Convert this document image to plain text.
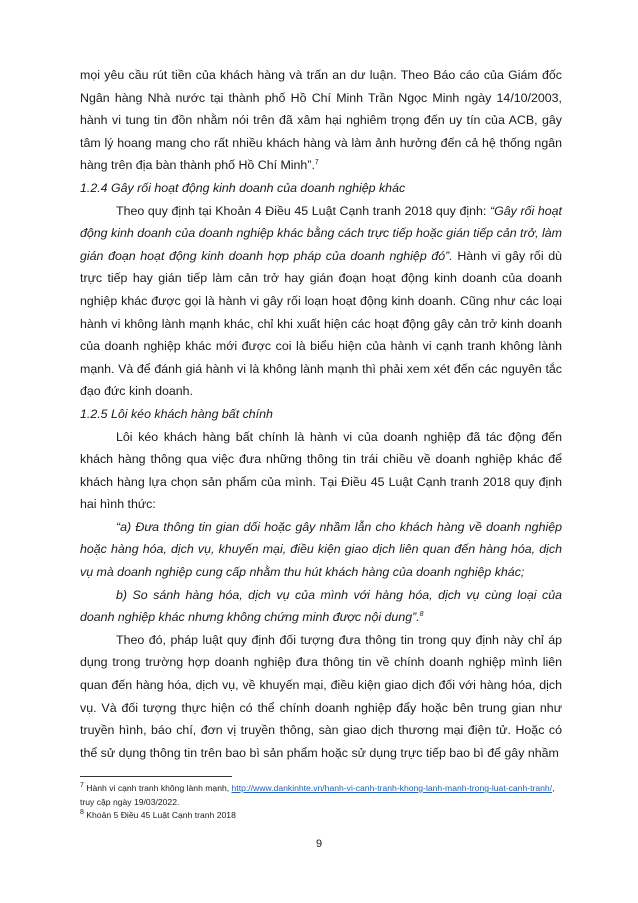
mọi yêu cầu rút tiền của khách hàng và trấn an dư luận. Theo Báo cáo của Giám đốc Ngân hàng Nhà nước tại thành phố Hồ Chí Minh Trần Ngọc Minh ngày 14/10/2003, hành vi tung tin đồn nhằm nói trên đã xâm hại nghiêm trọng đến uy tín của ACB, gây tâm lý hoang mang cho rất nhiều khách hàng và làm ảnh hưởng đến cả hệ thống ngân hàng trên địa bàn thành phố Hồ Chí Minh”.$^7$

1.2.4 Gây rối hoạt động kinh doanh của doanh nghiệp khác

Theo quy định tại Khoản 4 Điều 45 Luật Cạnh tranh 2018 quy định: “Gây rối hoạt động kinh doanh của doanh nghiệp khác bằng cách trực tiếp hoặc gián tiếp cản trở, làm gián đoạn hoạt động kinh doanh hợp pháp của doanh nghiệp đó”. Hành vi gây rối dù trực tiếp hay gián tiếp làm cản trở hay gián đoạn hoạt động kinh doanh của doanh nghiệp khác được gọi là hành vi gây rối loạn hoạt động kinh doanh. Cũng như các loại hành vi không lành mạnh khác, chỉ khi xuất hiện các hoạt động gây cản trở kinh doanh của doanh nghiệp khác mới được coi là biểu hiện của hành vi cạnh tranh không lành mạnh. Và để đánh giá hành vi là không lành mạnh thì phải xem xét đến các nguyên tắc đạo đức kinh doanh.

1.2.5 Lôi kéo khách hàng bất chính

Lôi kéo khách hàng bất chính là hành vi của doanh nghiệp đã tác động đến khách hàng thông qua việc đưa những thông tin trái chiều về doanh nghiệp khác để khách hàng lựa chọn sản phẩm của mình. Tại Điều 45 Luật Cạnh tranh 2018 quy định hai hình thức:

“a) Đưa thông tin gian dối hoặc gây nhầm lẫn cho khách hàng về doanh nghiệp hoặc hàng hóa, dịch vụ, khuyến mại, điều kiện giao dịch liên quan đến hàng hóa, dịch vụ mà doanh nghiệp cung cấp nhằm thu hút khách hàng của doanh nghiệp khác;

b) So sánh hàng hóa, dịch vụ của mình với hàng hóa, dịch vụ cùng loại của doanh nghiệp khác nhưng không chứng minh được nội dung”.$^8$

Theo đó, pháp luật quy định đối tượng đưa thông tin trong quy định này chỉ áp dụng trong trường hợp doanh nghiệp đưa thông tin về chính doanh nghiệp mình liên quan đến hàng hóa, dịch vụ, về khuyến mại, điều kiện giao dịch đối với hàng hóa, dịch vụ. Và đối tượng thực hiện có thể chính doanh nghiệp đẩy hoặc bên trung gian như truyền hình, báo chí, đơn vị truyền thông, sàn giao dịch thương mại điện tử. Hoặc có thể sử dụng thông tin trên bao bì sản phẩm hoặc sử dụng trực tiếp bao bì để gây nhầm

$^7$ Hành vi cạnh tranh không lành mạnh, http://www.dankinhte.vn/hanh-vi-canh-tranh-khong-lanh-manh-trong-luat-canh-tranh/, truy cập ngày 19/03/2022.

$^8$ Khoản 5 Điều 45 Luật Cạnh tranh 2018

9
